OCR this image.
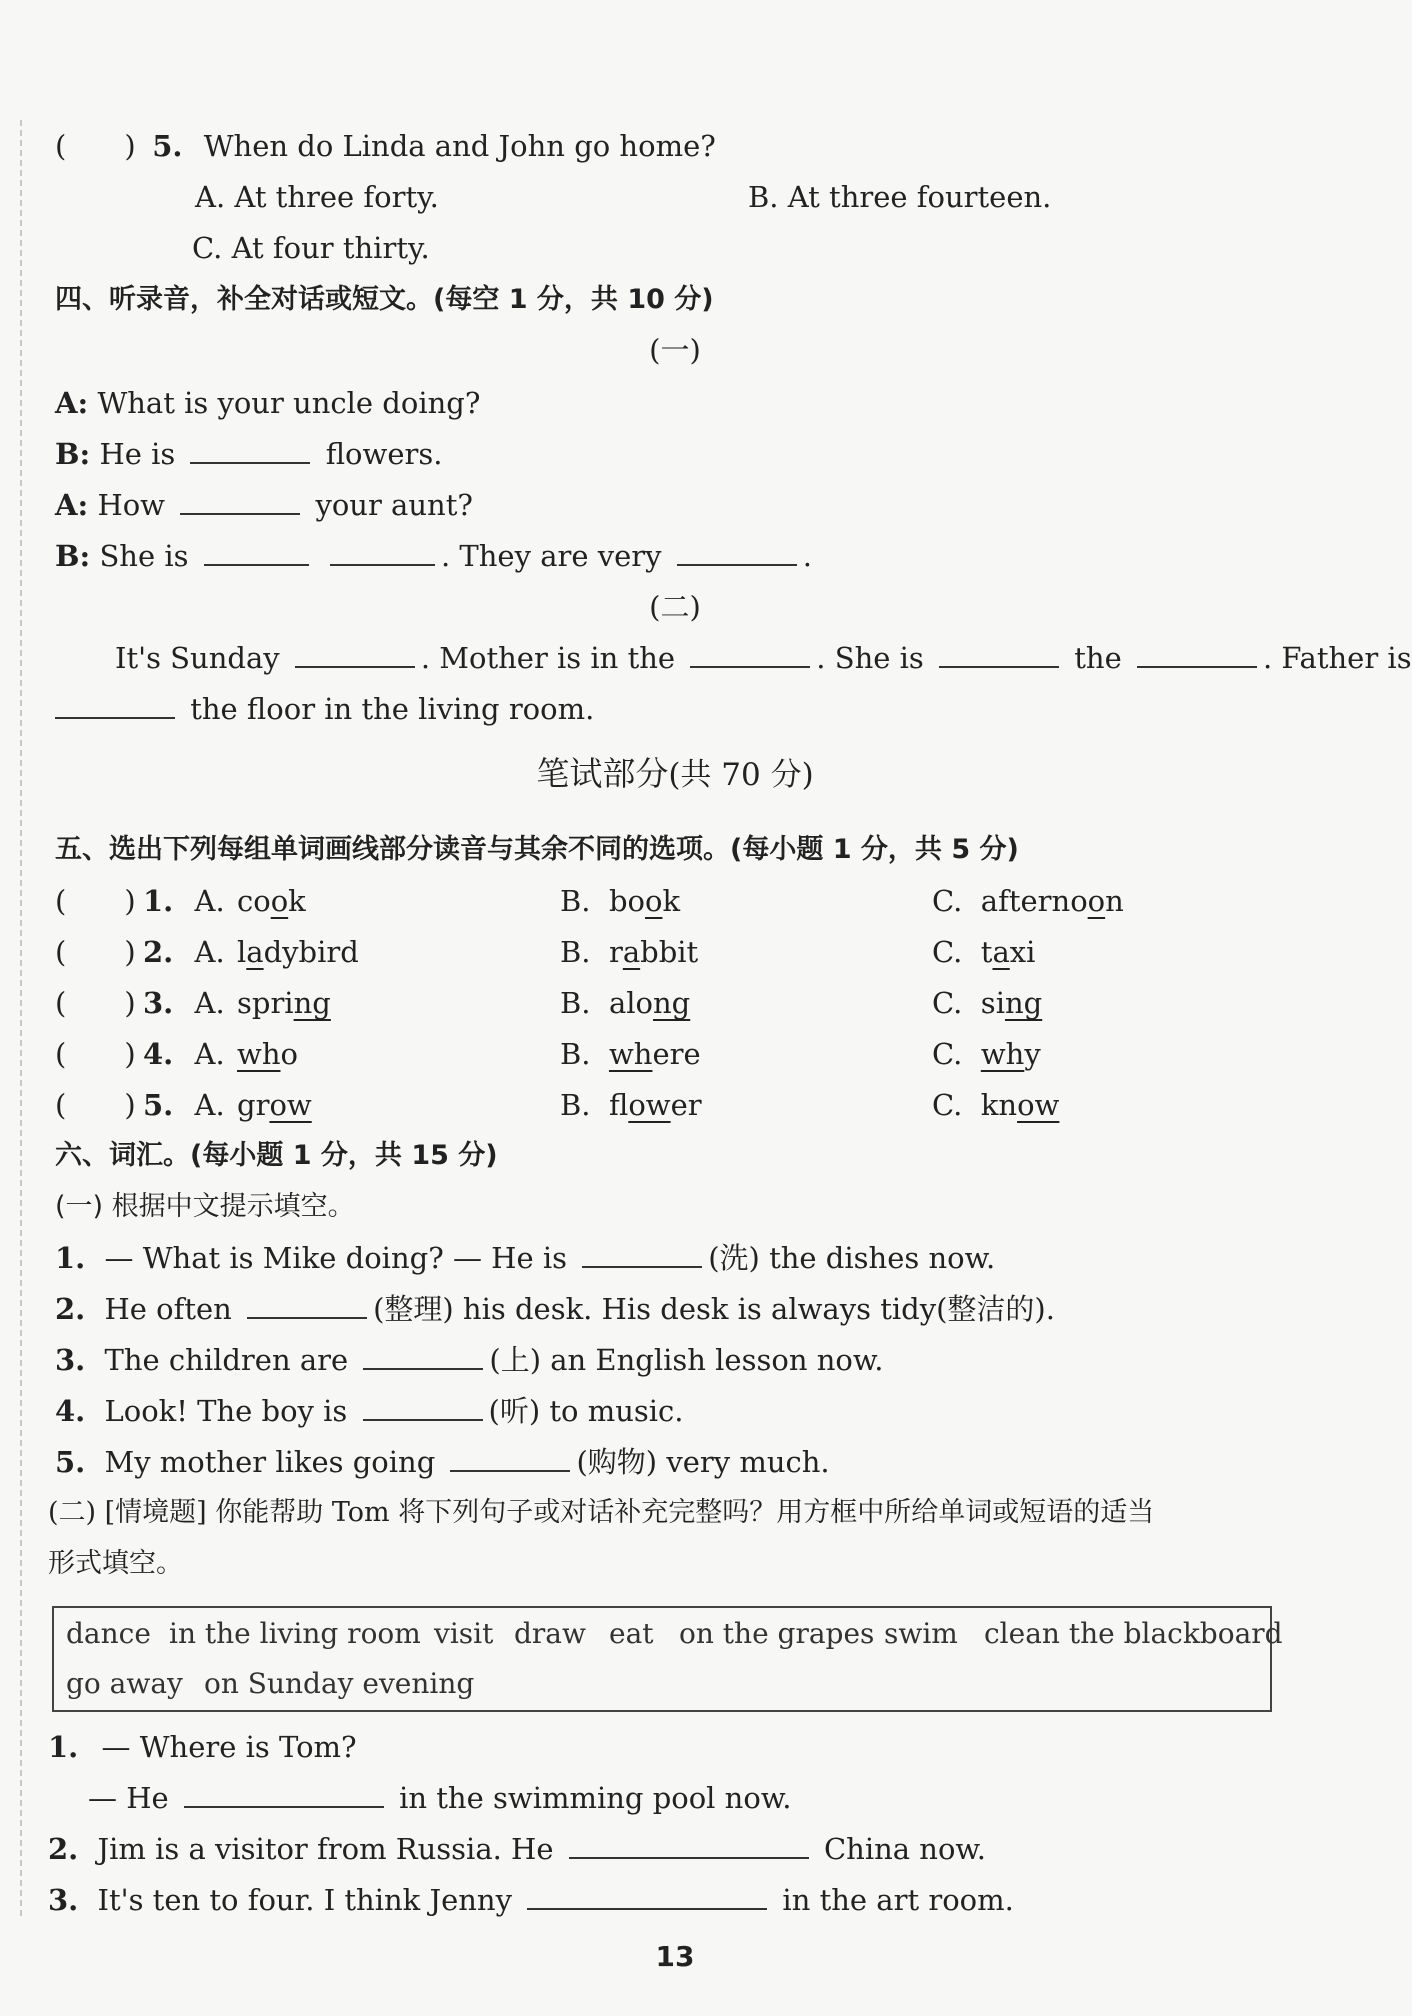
(　　) 5. When do Linda and John go home?
A. At three forty.	B. At three fourteen.
C. At four thirty.
四、听录音，补全对话或短文。(每空 1 分，共 10 分)
(一)
A: What is your uncle doing?
B: He is	flowers.
A: How	your aunt?
B: She is	. They are very	.
(二)
It's Sunday	. Mother is in the	. She is	the	. Father is
the floor in the living room.
笔试部分(共 70 分)
五、选出下列每组单词画线部分读音与其余不同的选项。(每小题 1 分，共 5 分)
(　　) 1. A. cook	B.  book	C.  afternoon
(　　) 2. A. ladybird	B.  rabbit	C.  taxi
(　　) 3. A. spring	B.  along	C.  sing
(　　) 4. A. who	B. where	C. why
(　　) 5. A. grow	B.  flower	C.  know
六、词汇。(每小题 1 分，共 15 分)
(一) 根据中文提示填空。
1. — What is Mike doing? — He is	(洗) the dishes now.
2. He often	(整理) his desk. His desk is always tidy(整洁的).
3. The children are	(上) an English lesson now.
4. Look! The boy is	(听) to music.
5. My mother likes going	(购物) very much.
(二) [情境题] 你能帮助 Tom 将下列句子或对话补充完整吗？用方框中所给单词或短语的适当
形式填空。
dance in the living room visit draw eat on the grapes swim clean the blackboard
go away on Sunday evening
1. — Where is Tom?
— He	in the swimming pool now.
2. Jim is a visitor from Russia. He	China now.
3. It's ten to four. I think Jenny	in the art room.
13
